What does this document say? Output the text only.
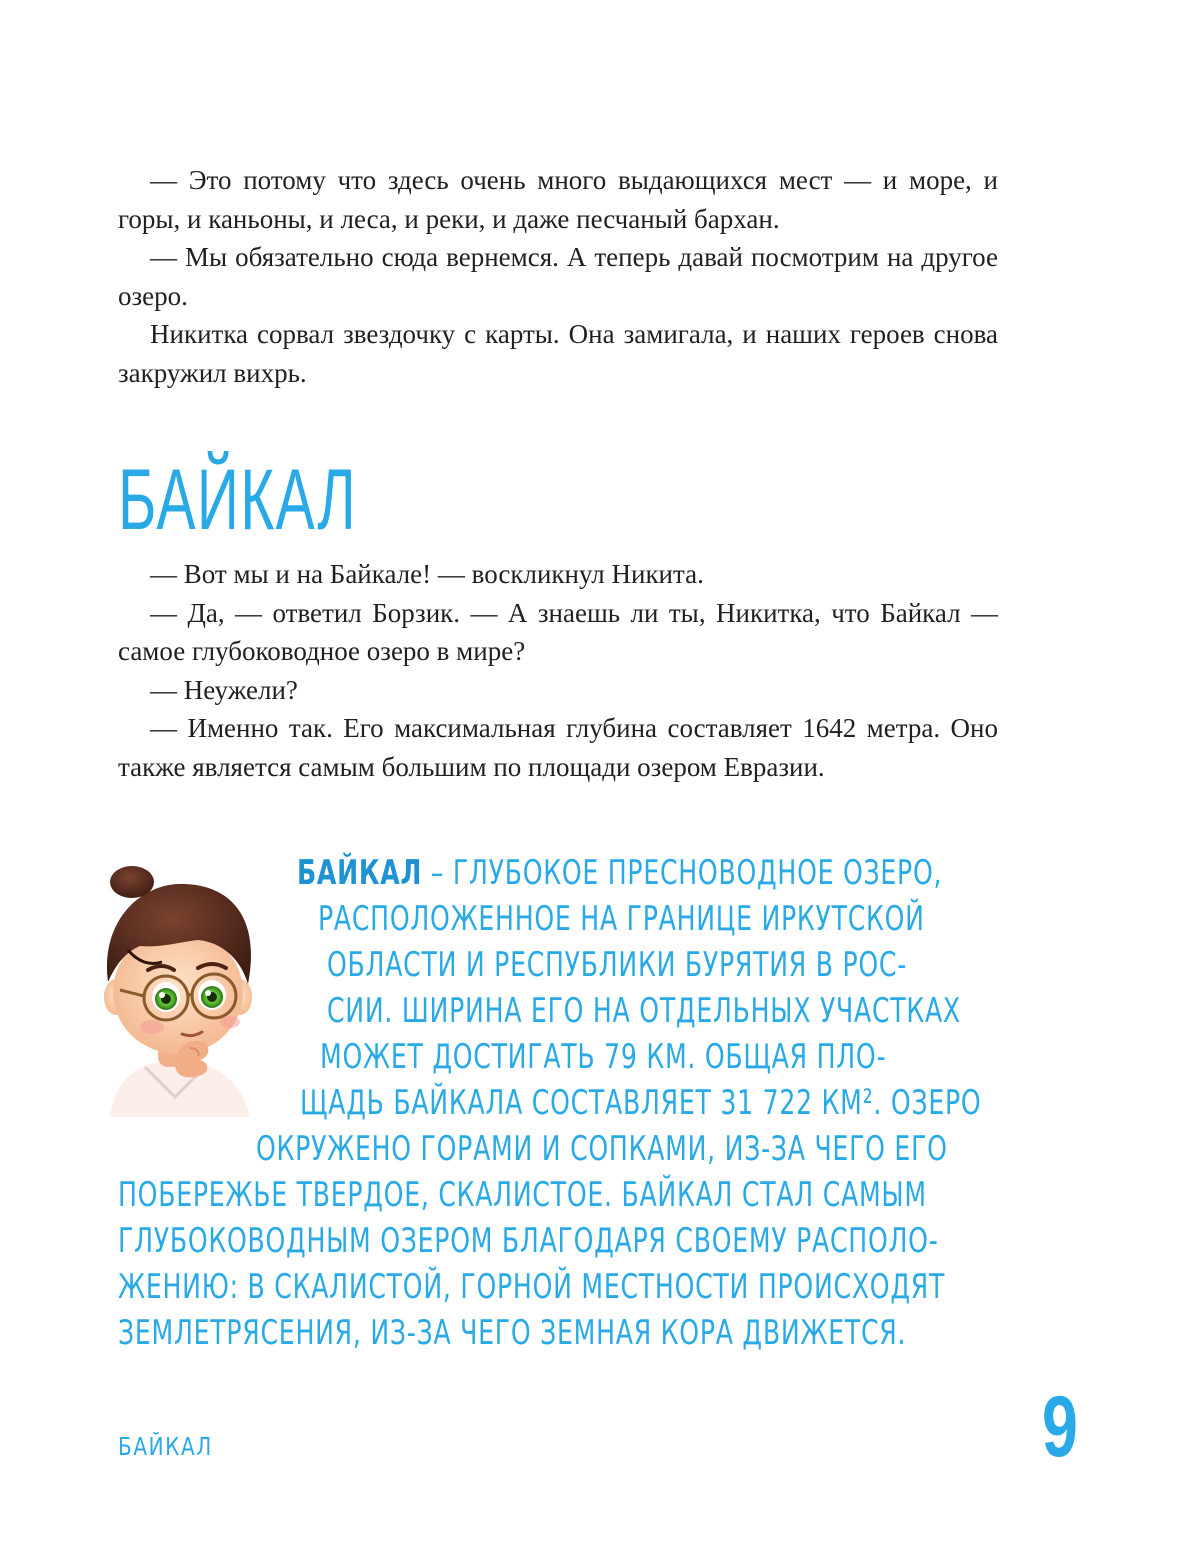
— Это потому что здесь очень много выдающихся мест — и море, и горы, и каньоны, и леса, и реки, и даже песчаный бархан.

— Мы обязательно сюда вернемся. А теперь давай посмотрим на другое озеро.

Никитка сорвал звездочку с карты. Она замигала, и наших героев снова закружил вихрь.

БАЙКАЛ

— Вот мы и на Байкале! — воскликнул Никита.

— Да, — ответил Борзик. — А знаешь ли ты, Никитка, что Байкал — самое глубоководное озеро в мире?

— Неужели?

— Именно так. Его максимальная глубина составляет 1642 метра. Оно также является самым большим по площади озером Евразии.

БАЙКАЛ – ГЛУБОКОЕ ПРЕСНОВОДНОЕ ОЗЕРО,
РАСПОЛОЖЕННОЕ НА ГРАНИЦЕ ИРКУТСКОЙ
ОБЛАСТИ И РЕСПУБЛИКИ БУРЯТИЯ В РОС-
СИИ. ШИРИНА ЕГО НА ОТДЕЛЬНЫХ УЧАСТКАХ
МОЖЕТ ДОСТИГАТЬ 79 КМ. ОБЩАЯ ПЛО-
ЩАДЬ БАЙКАЛА СОСТАВЛЯЕТ 31 722 КМ². ОЗЕРО
ОКРУЖЕНО ГОРАМИ И СОПКАМИ, ИЗ-ЗА ЧЕГО ЕГО
ПОБЕРЕЖЬЕ ТВЕРДОЕ, СКАЛИСТОЕ. БАЙКАЛ СТАЛ САМЫМ
ГЛУБОКОВОДНЫМ ОЗЕРОМ БЛАГОДАРЯ СВОЕМУ РАСПОЛО-
ЖЕНИЮ: В СКАЛИСТОЙ, ГОРНОЙ МЕСТНОСТИ ПРОИСХОДЯТ
ЗЕМЛЕТРЯСЕНИЯ, ИЗ-ЗА ЧЕГО ЗЕМНАЯ КОРА ДВИЖЕТСЯ.
БАЙКАЛ	9
